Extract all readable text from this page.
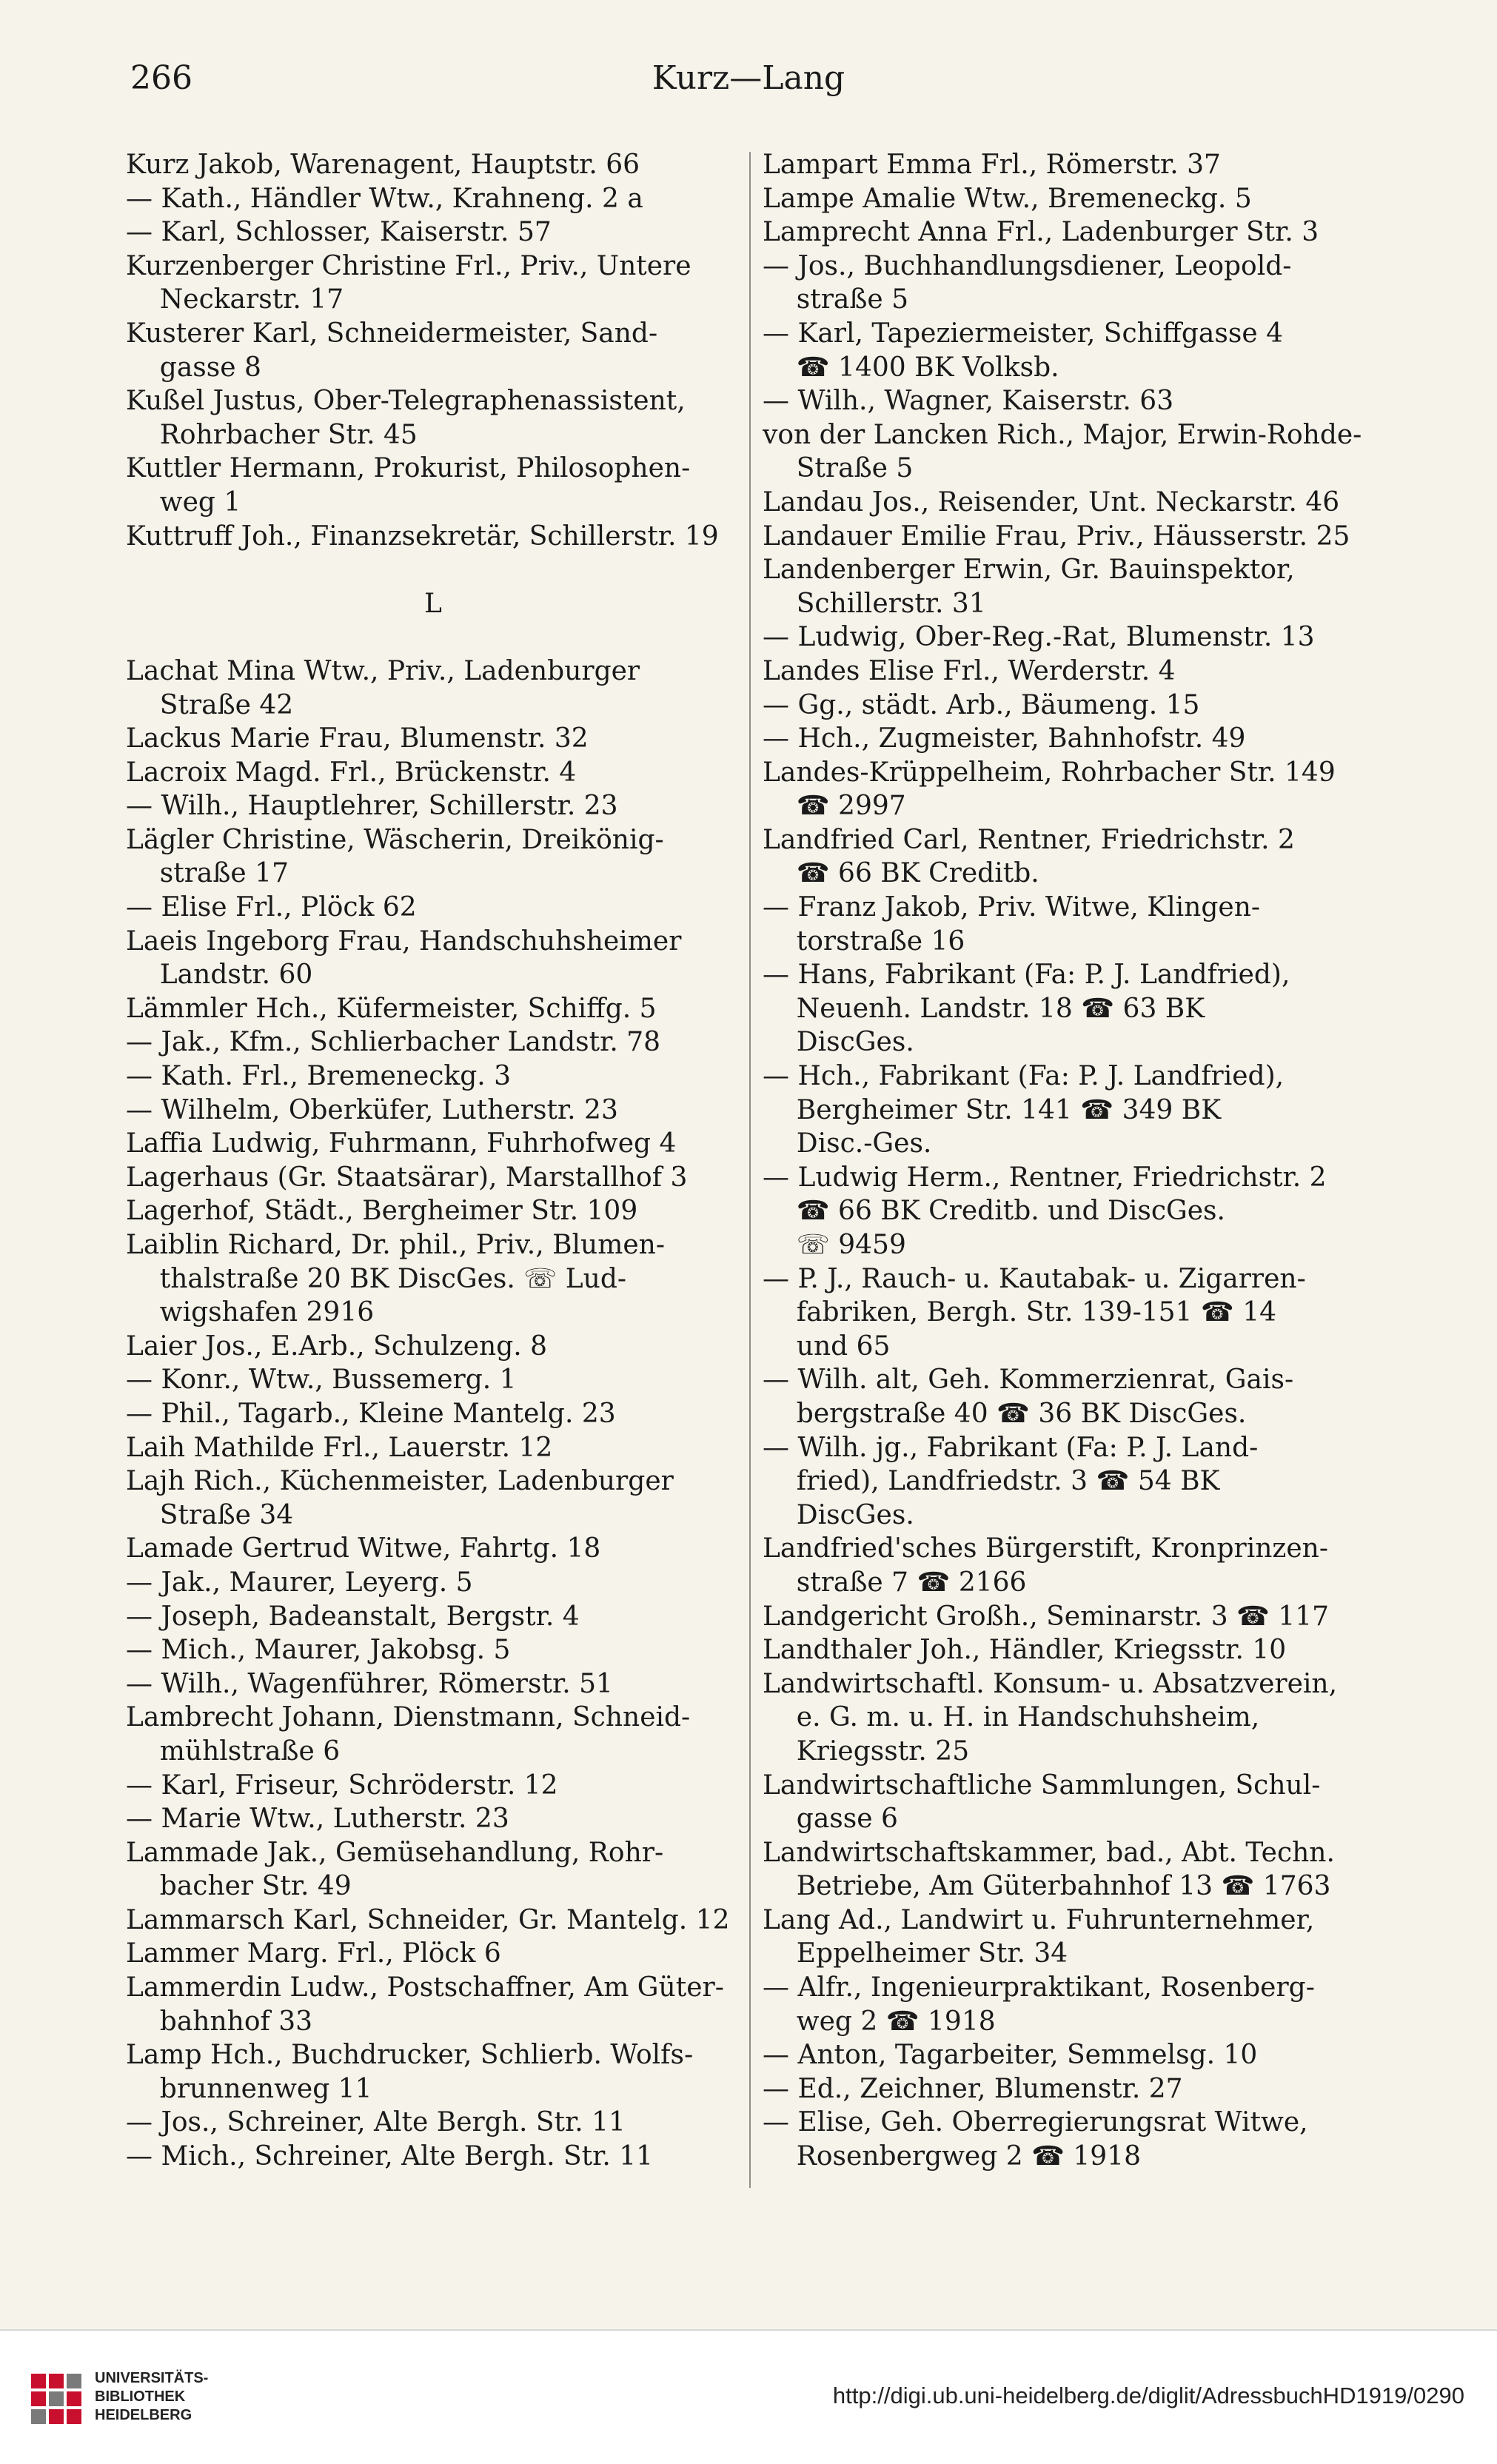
266	Kurz—Lang
Kurz Jakob, Warenagent, Hauptstr. 66
— Kath., Händler Wtw., Krahneng. 2 a
— Karl, Schlosser, Kaiserstr. 57
Kurzenberger Christine Frl., Priv., Untere
Neckarstr. 17
Kusterer Karl, Schneidermeister, Sand-
gasse 8
Kußel Justus, Ober-Telegraphenassistent,
Rohrbacher Str. 45
Kuttler Hermann, Prokurist, Philosophen-
weg 1
Kuttruff Joh., Finanzsekretär, Schillerstr. 19
L
Lachat Mina Wtw., Priv., Ladenburger
Straße 42
Lackus Marie Frau, Blumenstr. 32
Lacroix Magd. Frl., Brückenstr. 4
— Wilh., Hauptlehrer, Schillerstr. 23
Lägler Christine, Wäscherin, Dreikönig-
straße 17
— Elise Frl., Plöck 62
Laeis Ingeborg Frau, Handschuhsheimer
Landstr. 60
Lämmler Hch., Küfermeister, Schiffg. 5
— Jak., Kfm., Schlierbacher Landstr. 78
— Kath. Frl., Bremeneckg. 3
— Wilhelm, Oberküfer, Lutherstr. 23
Laffia Ludwig, Fuhrmann, Fuhrhofweg 4
Lagerhaus (Gr. Staatsärar), Marstallhof 3
Lagerhof, Städt., Bergheimer Str. 109
Laiblin Richard, Dr. phil., Priv., Blumen-
thalstraße 20 BK DiscGes. ☏ Lud-
wigshafen 2916
Laier Jos., E.Arb., Schulzeng. 8
— Konr., Wtw., Bussemerg. 1
— Phil., Tagarb., Kleine Mantelg. 23
Laih Mathilde Frl., Lauerstr. 12
Lajh Rich., Küchenmeister, Ladenburger
Straße 34
Lamade Gertrud Witwe, Fahrtg. 18
— Jak., Maurer, Leyerg. 5
— Joseph, Badeanstalt, Bergstr. 4
— Mich., Maurer, Jakobsg. 5
— Wilh., Wagenführer, Römerstr. 51
Lambrecht Johann, Dienstmann, Schneid-
mühlstraße 6
— Karl, Friseur, Schröderstr. 12
— Marie Wtw., Lutherstr. 23
Lammade Jak., Gemüsehandlung, Rohr-
bacher Str. 49
Lammarsch Karl, Schneider, Gr. Mantelg. 12
Lammer Marg. Frl., Plöck 6
Lammerdin Ludw., Postschaffner, Am Güter-
bahnhof 33
Lamp Hch., Buchdrucker, Schlierb. Wolfs-
brunnenweg 11
— Jos., Schreiner, Alte Bergh. Str. 11
— Mich., Schreiner, Alte Bergh. Str. 11
Lampart Emma Frl., Römerstr. 37
Lampe Amalie Wtw., Bremeneckg. 5
Lamprecht Anna Frl., Ladenburger Str. 3
— Jos., Buchhandlungsdiener, Leopold-
straße 5
— Karl, Tapeziermeister, Schiffgasse 4
☎ 1400 BK Volksb.
— Wilh., Wagner, Kaiserstr. 63
von der Lancken Rich., Major, Erwin-Rohde-
Straße 5
Landau Jos., Reisender, Unt. Neckarstr. 46
Landauer Emilie Frau, Priv., Häusserstr. 25
Landenberger Erwin, Gr. Bauinspektor,
Schillerstr. 31
— Ludwig, Ober-Reg.-Rat, Blumenstr. 13
Landes Elise Frl., Werderstr. 4
— Gg., städt. Arb., Bäumeng. 15
— Hch., Zugmeister, Bahnhofstr. 49
Landes-Krüppelheim, Rohrbacher Str. 149
☎ 2997
Landfried Carl, Rentner, Friedrichstr. 2
☎ 66 BK Creditb.
— Franz Jakob, Priv. Witwe, Klingen-
torstraße 16
— Hans, Fabrikant (Fa: P. J. Landfried),
Neuenh. Landstr. 18 ☎ 63 BK
DiscGes.
— Hch., Fabrikant (Fa: P. J. Landfried),
Bergheimer Str. 141 ☎ 349 BK
Disc.-Ges.
— Ludwig Herm., Rentner, Friedrichstr. 2
☎ 66 BK Creditb. und DiscGes.
☏ 9459
— P. J., Rauch- u. Kautabak- u. Zigarren-
fabriken, Bergh. Str. 139-151 ☎ 14
und 65
— Wilh. alt, Geh. Kommerzienrat, Gais-
bergstraße 40 ☎ 36 BK DiscGes.
— Wilh. jg., Fabrikant (Fa: P. J. Land-
fried), Landfriedstr. 3 ☎ 54 BK
DiscGes.
Landfried'sches Bürgerstift, Kronprinzen-
straße 7 ☎ 2166
Landgericht Großh., Seminarstr. 3 ☎ 117
Landthaler Joh., Händler, Kriegsstr. 10
Landwirtschaftl. Konsum- u. Absatzverein,
e. G. m. u. H. in Handschuhsheim,
Kriegsstr. 25
Landwirtschaftliche Sammlungen, Schul-
gasse 6
Landwirtschaftskammer, bad., Abt. Techn.
Betriebe, Am Güterbahnhof 13 ☎ 1763
Lang Ad., Landwirt u. Fuhrunternehmer,
Eppelheimer Str. 34
— Alfr., Ingenieurpraktikant, Rosenberg-
weg 2 ☎ 1918
— Anton, Tagarbeiter, Semmelsg. 10
— Ed., Zeichner, Blumenstr. 27
— Elise, Geh. Oberregierungsrat Witwe,
Rosenbergweg 2 ☎ 1918
UNIVERSITÄTS-
BIBLIOTHEK
HEIDELBERG
http://digi.ub.uni-heidelberg.de/diglit/AdressbuchHD1919/0290
